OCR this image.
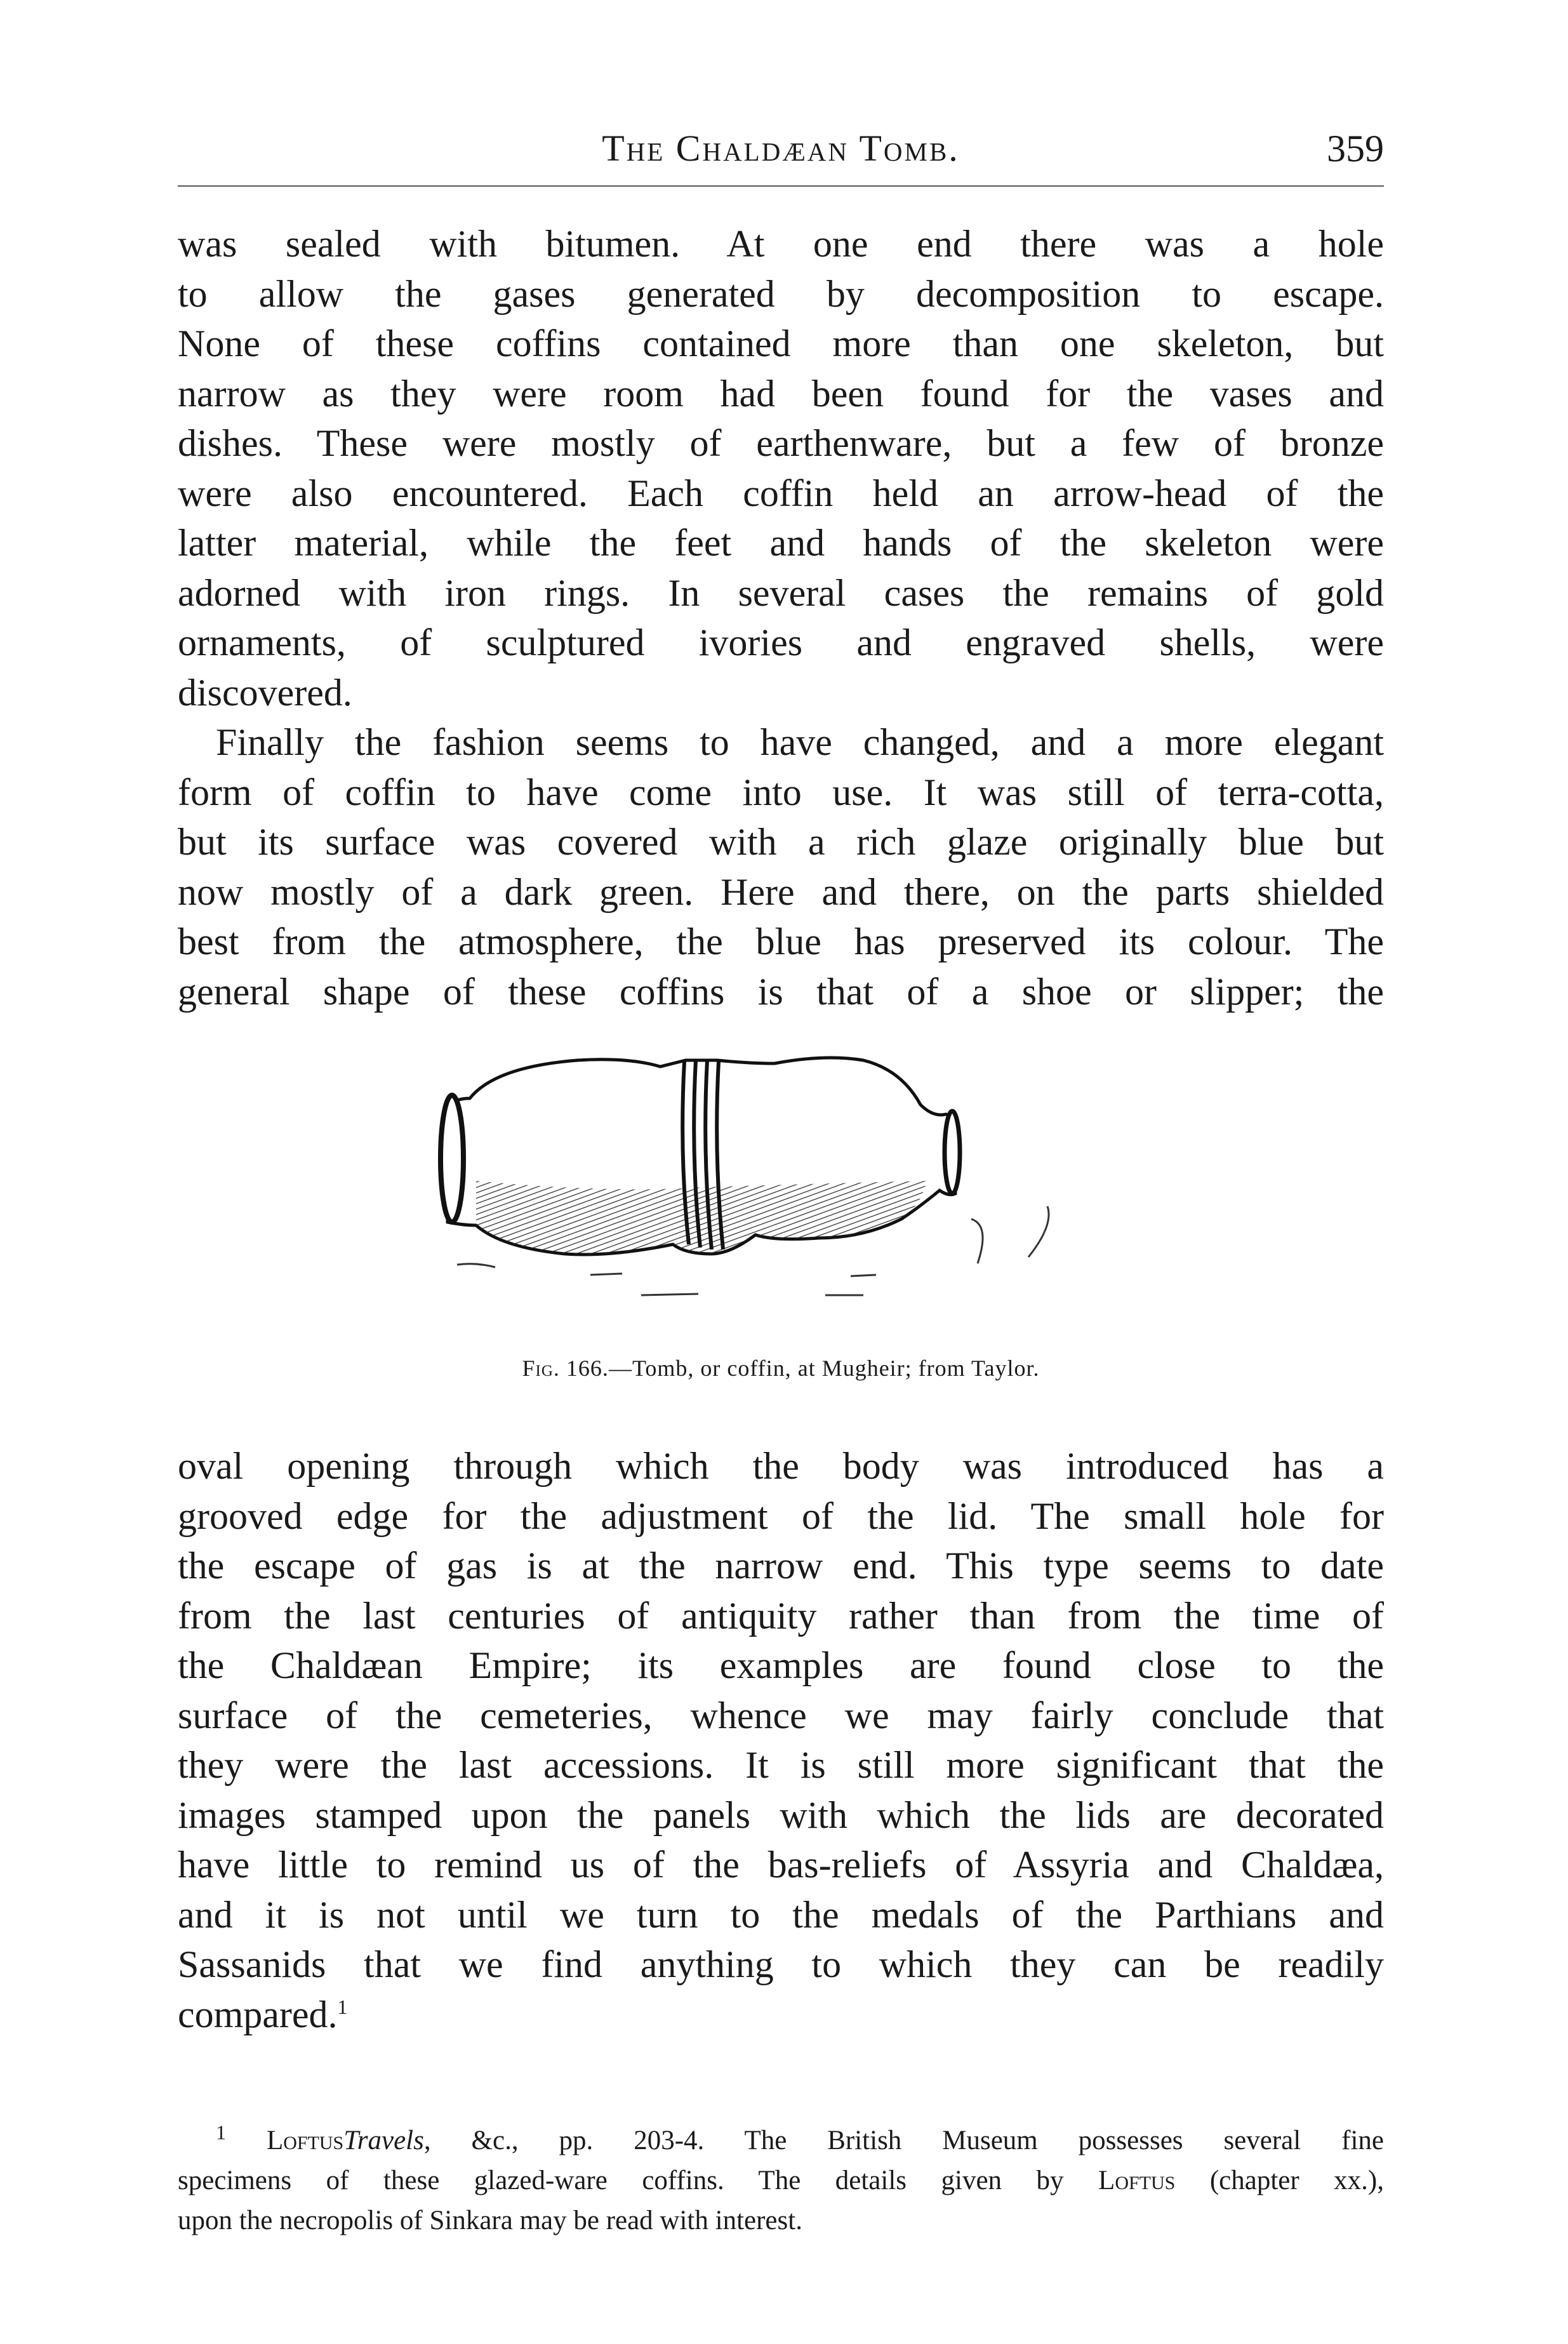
The Chaldæan Tomb.	359
was sealed with bitumen. At one end there was a hole
to allow the gases generated by decomposition to escape.
None of these coffins contained more than one skeleton, but
narrow as they were room had been found for the vases and
dishes. These were mostly of earthenware, but a few of bronze
were also encountered. Each coffin held an arrow-head of the
latter material, while the feet and hands of the skeleton were
adorned with iron rings. In several cases the remains of gold
ornaments, of sculptured ivories and engraved shells, were
discovered.
Finally the fashion seems to have changed, and a more elegant
form of coffin to have come into use. It was still of terra-cotta,
but its surface was covered with a rich glaze originally blue but
now mostly of a dark green. Here and there, on the parts shielded
best from the atmosphere, the blue has preserved its colour. The
general shape of these coffins is that of a shoe or slipper; the
Fig. 166.—Tomb, or coffin, at Mugheir; from Taylor.
oval opening through which the body was introduced has a
grooved edge for the adjustment of the lid. The small hole for
the escape of gas is at the narrow end. This type seems to date
from the last centuries of antiquity rather than from the time of
the Chaldæan Empire; its examples are found close to the
surface of the cemeteries, whence we may fairly conclude that
they were the last accessions. It is still more significant that the
images stamped upon the panels with which the lids are decorated
have little to remind us of the bas-reliefs of Assyria and Chaldæa,
and it is not until we turn to the medals of the Parthians and
Sassanids that we find anything to which they can be readily
compared.$^1$
$^1$ LoftusTravels, &c., pp. 203-4. The British Museum possesses several fine
specimens of these glazed-ware coffins. The details given by Loftus (chapter xx.),
upon the necropolis of Sinkara may be read with interest.
